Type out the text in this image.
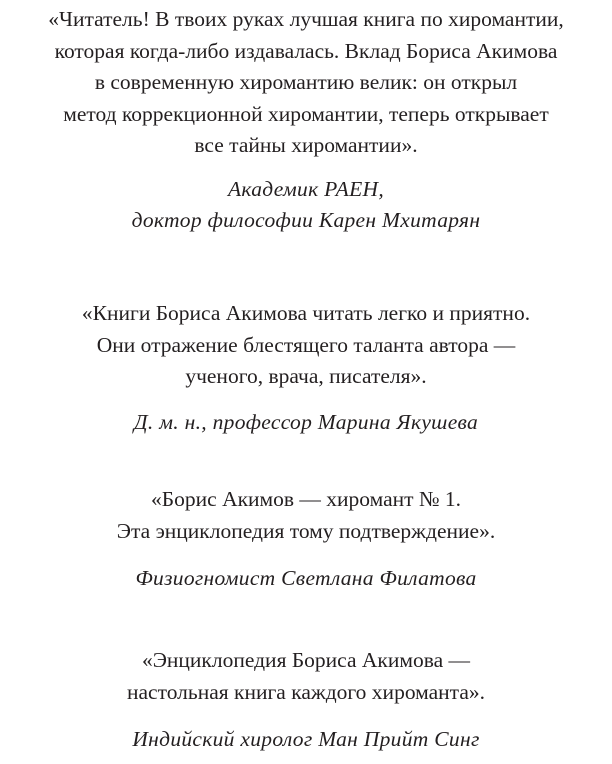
«Читатель! В твоих руках лучшая книга по хиромантии,
которая когда-либо издавалась. Вклад Бориса Акимова
в современную хиромантию велик: он открыл
метод коррекционной хиромантии, теперь открывает
все тайны хиромантии».
Академик РАЕН,
доктор философии Карен Мхитарян
«Книги Бориса Акимова читать легко и приятно.
Они отражение блестящего таланта автора —
ученого, врача, писателя».
Д. м. н., профессор Марина Якушева
«Борис Акимов — хиромант № 1.
Эта энциклопедия тому подтверждение».
Физиогномист Светлана Филатова
«Энциклопедия Бориса Акимова —
настольная книга каждого хироманта».
Индийский хиролог Ман Прийт Синг
